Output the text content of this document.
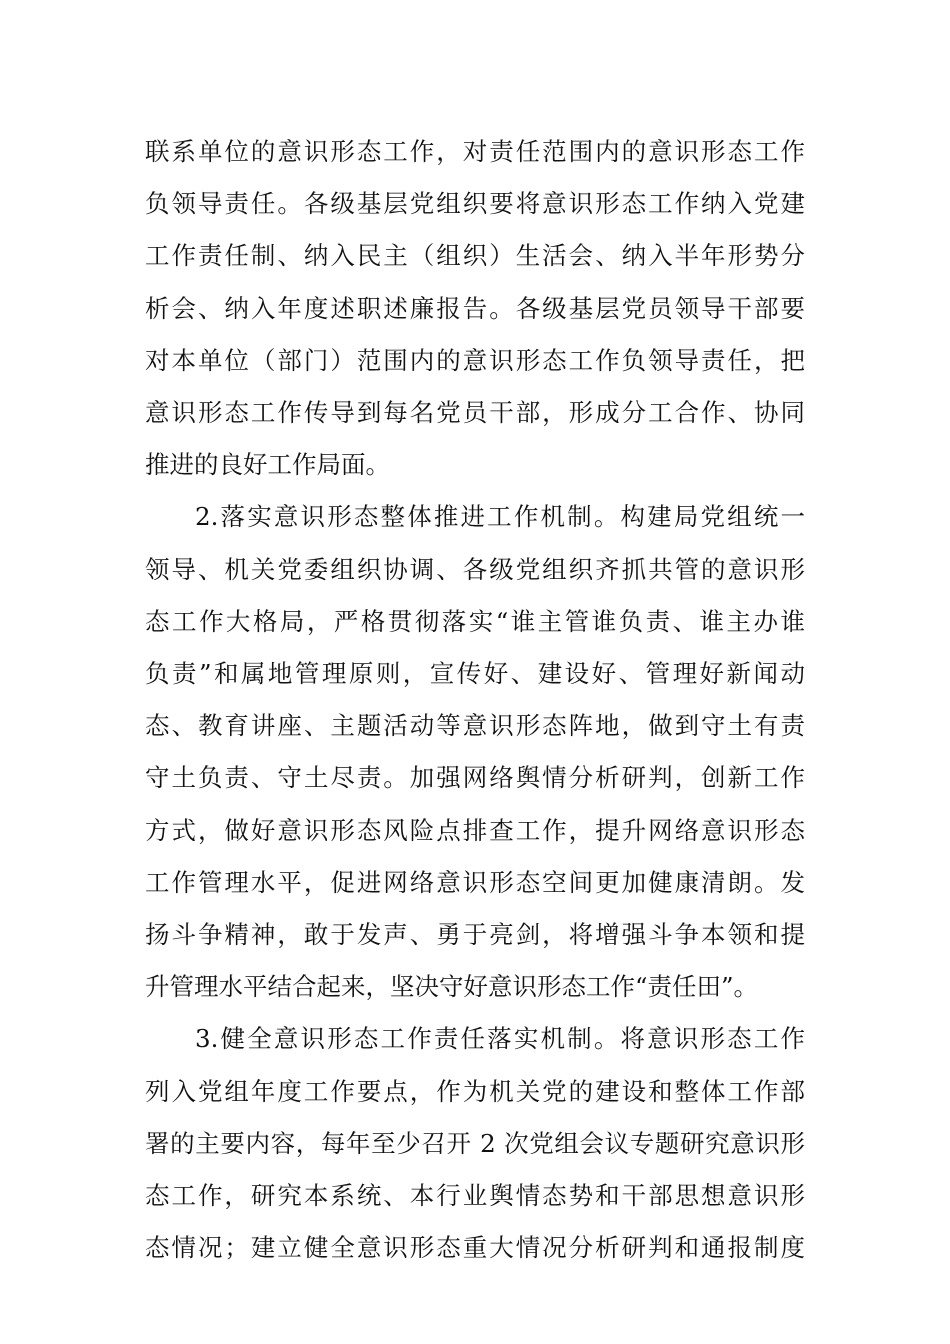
联系单位的意识形态工作，对责任范围内的意识形态工作
负领导责任。各级基层党组织要将意识形态工作纳入党建
工作责任制、纳入民主（组织）生活会、纳入半年形势分
析会、纳入年度述职述廉报告。各级基层党员领导干部要
对本单位（部门）范围内的意识形态工作负领导责任，把
意识形态工作传导到每名党员干部，形成分工合作、协同
推进的良好工作局面。
2.落实意识形态整体推进工作机制。构建局党组统一
领导、机关党委组织协调、各级党组织齐抓共管的意识形
态工作大格局，严格贯彻落实“谁主管谁负责、谁主办谁
负责”和属地管理原则，宣传好、建设好、管理好新闻动
态、教育讲座、主题活动等意识形态阵地，做到守土有责
守土负责、守土尽责。加强网络舆情分析研判，创新工作
方式，做好意识形态风险点排查工作，提升网络意识形态
工作管理水平，促进网络意识形态空间更加健康清朗。发
扬斗争精神，敢于发声、勇于亮剑，将增强斗争本领和提
升管理水平结合起来，坚决守好意识形态工作“责任田”。
3.健全意识形态工作责任落实机制。将意识形态工作
列入党组年度工作要点，作为机关党的建设和整体工作部
署的主要内容，每年至少召开 2 次党组会议专题研究意识形
态工作，研究本系统、本行业舆情态势和干部思想意识形
态情况；建立健全意识形态重大情况分析研判和通报制度
